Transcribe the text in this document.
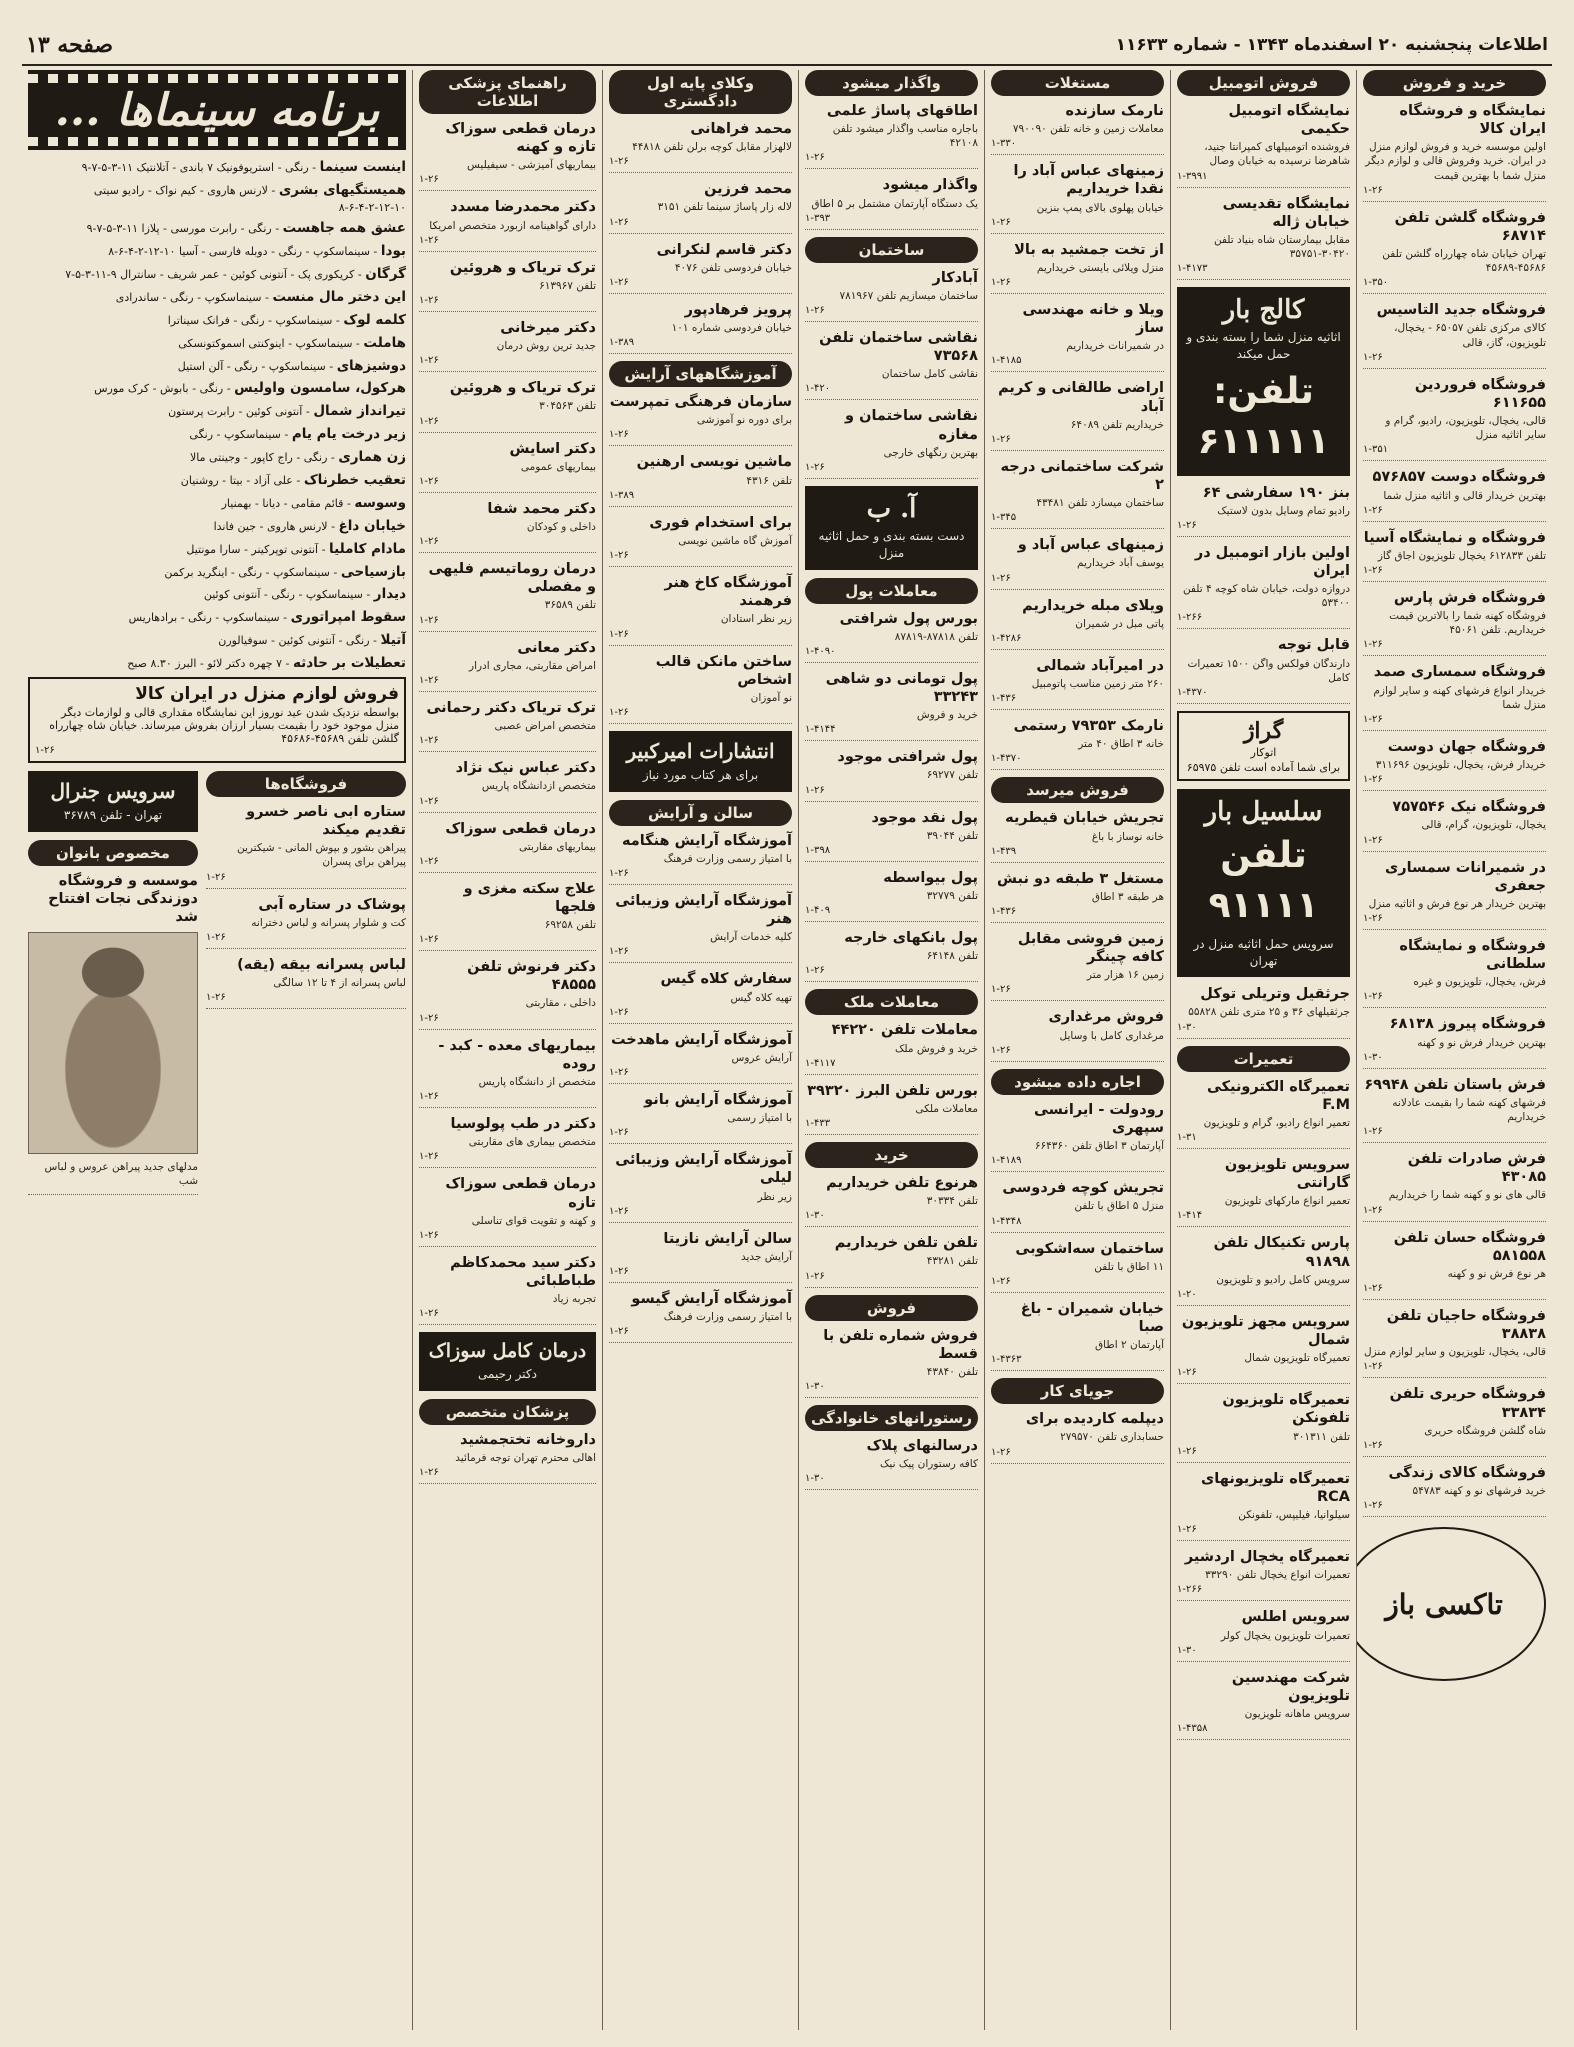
صفحه ۱۳	اطلاعات پنجشنبه ۲۰ اسفندماه ۱۳۴۳ - شماره ۱۱۶۳۳
خرید و فروش
نمایشگاه و فروشگاه ایران کالا

اولین موسسه خرید و فروش لوازم منزل در ایران. خرید وفروش قالی و لوازم دیگر منزل شما با بهترین قیمت

۱-۲۶
فروشگاه گلشن تلفن ۶۸۷۱۴

تهران خیابان شاه چهارراه گلشن تلفن ۴۵۶۸۶-۴۵۶۸۹

۱-۳۵۰
فروشگاه جدید التاسیس

کالای مرکزی تلفن ۶۵۰۵۷ - یخچال، تلویزیون، گاز، قالی

۱-۲۶
فروشگاه فروردین ۶۱۱۶۵۵

قالی، یخچال، تلویزیون، رادیو، گرام و سایر اثاثیه منزل

۱-۳۵۱
فروشگاه دوست ۵۷۶۸۵۷

بهترین خریدار قالی و اثاثیه منزل شما

۱-۲۶
فروشگاه و نمایشگاه آسیا

تلفن ۶۱۲۸۳۳ یخچال تلویزیون اجاق گاز

۱-۲۶
فروشگاه فرش پارس

فروشگاه کهنه شما را بالاترین قیمت خریداریم. تلفن ۴۵۰۶۱

۱-۲۶
فروشگاه سمساری صمد

خریدار انواع فرشهای کهنه و سایر لوازم منزل شما

۱-۲۶
فروشگاه جهان دوست

خریدار فرش، یخچال، تلویزیون ۳۱۱۶۹۶

۱-۲۶
فروشگاه نیک ۷۵۷۵۴۶

یخچال، تلویزیون، گرام، قالی

۱-۲۶
در شمیرانات سمساری جعفری

بهترین خریدار هر نوع فرش و اثاثیه منزل

۱-۲۶
فروشگاه و نمایشگاه سلطانی

فرش، یخچال، تلویزیون و غیره

۱-۲۶
فروشگاه پیروز ۶۸۱۳۸

بهترین خریدار فرش نو و کهنه

۱-۳۰
فرش باستان تلفن ۶۹۹۴۸

فرشهای کهنه شما را بقیمت عادلانه خریداریم

۱-۲۶
فرش صادرات تلفن ۴۳۰۸۵

قالی های نو و کهنه شما را خریداریم

۱-۲۶
فروشگاه حسان تلفن ۵۸۱۵۵۸

هر نوع فرش نو و کهنه

۱-۲۶
فروشگاه حاجیان تلفن ۳۸۸۳۸

قالی، یخچال، تلویزیون و سایر لوازم منزل

۱-۲۶
فروشگاه حریری تلفن ۳۳۸۳۴

شاه گلشن فروشگاه حریری

۱-۲۶
فروشگاه کالای زندگی

خرید فرشهای نو و کهنه ۵۴۷۸۳

۱-۲۶
تاکسی باز
فروش اتومبیل
نمایشگاه اتومبیل حکیمی

فروشنده اتومبیلهای کمپرانتا جنید، شاهرضا نرسیده به خیابان وصال

۱-۳۹۹۱
نمایشگاه تقدیسی خیابان ژاله

مقابل بیمارستان شاه بنیاد تلفن ۳۰۴۲۰-۳۵۷۵۱

۱-۴۱۷۳
کالج بار

اثاثیه منزل شما را بسته بندی و حمل میکند

تلفن: ۶۱۱۱۱۱

بنز ۱۹۰ سفارشی ۶۴

رادیو تمام وسایل بدون لاستیک

۱-۲۶
اولین بازار اتومبیل در ایران

دروازه دولت، خیابان شاه کوچه ۴ تلفن ۵۳۴۰۰

۱-۲۶۶
قابل توجه

دارندگان فولکس واگن ۱۵۰۰ تعمیرات کامل

۱-۴۳۷۰
گراژ

اتوکار

برای شما آماده است تلفن ۶۵۹۷۵

سلسیل بار

تلفن ۹۱۱۱۱

سرویس حمل اثاثیه منزل در تهران

جرثقیل وتریلی توکل

جرثقیلهای ۳۶ و ۲۵ متری تلفن ۵۵۸۲۸

۱-۳۰
تعمیرات
تعمیرگاه الکترونیکی F.M

تعمیر انواع رادیو، گرام و تلویزیون

۱-۳۱
سرویس تلویزیون گارانتی

تعمیر انواع مارکهای تلویزیون

۱-۴۱۴
پارس تکنیکال تلفن ۹۱۸۹۸

سرویس کامل رادیو و تلویزیون

۱-۲۰
سرویس مجهز تلویزیون شمال

تعمیرگاه تلویزیون شمال

۱-۲۶
تعمیرگاه تلویزیون تلفونکن

تلفن ۳۰۱۳۱۱

۱-۲۶
تعمیرگاه تلویزیونهای RCA

سیلوانیا، فیلیپس، تلفونکن

۱-۲۶
تعمیرگاه یخچال اردشیر

تعمیرات انواع یخچال تلفن ۳۳۲۹۰

۱-۲۶۶
سرویس اطلس

تعمیرات تلویزیون یخچال کولر

۱-۳۰
شرکت مهندسین تلویزیون

سرویس ماهانه تلویزیون

۱-۴۳۵۸
مستغلات
نارمک سازنده

معاملات زمین و خانه تلفن ۷۹۰۰۹۰

۱-۳۳۰
زمینهای عباس آباد را نقدا خریداریم

خیابان پهلوی بالای پمپ بنزین

۱-۲۶
از تخت جمشید به بالا

منزل ویلائی بایستی خریداریم

۱-۲۶
ویلا و خانه مهندسی ساز

در شمیرانات خریداریم

۱-۴۱۸۵
اراضی طالقانی و کریم آباد

خریداریم تلفن ۶۴۰۸۹

۱-۲۶
شرکت ساختمانی درجه ۲

ساختمان میسازد تلفن ۴۳۴۸۱

۱-۳۴۵
زمینهای عباس آباد و

یوسف آباد خریداریم

۱-۲۶
ویلای مبله خریداریم

پاتی مبل در شمیران

۱-۴۲۸۶
در امیرآباد شمالی

۲۶۰ متر زمین مناسب پاتومبیل

۱-۴۳۶
نارمک ۷۹۳۵۳ رستمی

خانه ۳ اطاق ۴۰ متر

۱-۴۳۷۰
فروش میرسد
تجریش خیابان قیطریه

خانه نوساز با باغ

۱-۴۳۹
مستغل ۳ طبقه دو نبش

هر طبقه ۳ اطاق

۱-۴۳۶
زمین فروشی مقابل کافه چینگر

زمین ۱۶ هزار متر

۱-۲۶
فروش مرغداری

مرغداری کامل با وسایل

۱-۲۶
اجاره داده میشود
رودولت - ایرانسی سپهری

آپارتمان ۳ اطاق تلفن ۶۶۴۳۶۰

۱-۴۱۸۹
تجریش کوچه فردوسی

منزل ۵ اطاق با تلفن

۱-۴۳۴۸
ساختمان سه‌اشکوبی

۱۱ اطاق با تلفن

۱-۲۶
خیابان شمیران - باغ صبا

آپارتمان ۲ اطاق

۱-۴۳۶۳
جویای کار
دیپلمه کاردیده برای

حسابداری تلفن ۲۷۹۵۷۰

۱-۲۶
واگذار میشود
اطاقهای پاساژ علمی

باجاره مناسب واگذار میشود تلفن ۴۲۱۰۸

۱-۲۶
واگذار میشود

یک دستگاه آپارتمان مشتمل بر ۵ اطاق

۱-۳۹۳
ساختمان
آبادکار

ساختمان میسازیم تلفن ۷۸۱۹۶۷

۱-۲۶
نقاشی ساختمان تلفن ۷۳۵۶۸

نقاشی کامل ساختمان

۱-۴۲۰
نقاشی ساختمان و مغازه

بهترین رنگهای خارجی

۱-۲۶
آ. ب

دست بسته بندی و حمل اثاثیه منزل

معاملات پول
بورس پول شرافتی

تلفن ۸۷۸۱۸-۸۷۸۱۹

۱-۴۰۹۰
پول تومانی دو شاهی ۳۳۲۴۳

خرید و فروش

۱-۴۱۴۴
پول شرافتی موجود

تلفن ۶۹۲۷۷

۱-۲۶
پول نقد موجود

تلفن ۳۹۰۴۴

۱-۳۹۸
پول بیواسطه

تلفن ۳۲۷۷۹

۱-۴۰۹
پول بانکهای خارجه

تلفن ۶۴۱۴۸

۱-۲۶
معاملات ملک
معاملات تلفن ۴۴۲۲۰

خرید و فروش ملک

۱-۴۱۱۷
بورس تلفن البرز ۳۹۳۲۰

معاملات ملکی

۱-۴۳۳
خرید
هرنوع تلفن خریداریم

تلفن ۳۰۳۳۴

۱-۳۰
تلفن تلفن خریداریم

تلفن ۴۳۲۸۱

۱-۲۶
فروش
فروش شماره تلفن با قسط

تلفن ۴۳۸۴۰

۱-۳۰
رستورانهای خانوادگی
درسالنهای پلاک

کافه رستوران پیک نیک

۱-۳۰
وکلای پایه اول دادگستری
محمد فراهانی

لالهزار مقابل کوچه برلن تلفن ۴۴۸۱۸

۱-۲۶
محمد فرزین

لاله زار پاساژ سینما تلفن ۳۱۵۱

۱-۲۶
دکتر قاسم لنکرانی

خیابان فردوسی تلفن ۴۰۷۶

۱-۲۶
پرویز فرهادپور

خیابان فردوسی شماره ۱۰۱

۱-۳۸۹
آموزشگاههای آرایش
سازمان فرهنگی تمپرست

برای دوره نو آموزشی

۱-۲۶
ماشین نویسی ارهنین

تلفن ۴۳۱۶

۱-۳۸۹
برای استخدام فوری

آموزش گاه ماشین نویسی

۱-۲۶
آموزشگاه کاخ هنر فرهمند

زیر نظر استادان

۱-۲۶
ساختن مانکن قالب اشخاص

نو آموزان

۱-۲۶
انتشارات امیرکبیر

برای هر کتاب مورد نیاز

سالن و آرایش
آموزشگاه آرایش هنگامه

با امتیاز رسمی وزارت فرهنگ

۱-۲۶
آموزشگاه آرایش وزیبائی هنر

کلیه خدمات آرایش

۱-۲۶
سفارش کلاه گیس

تهیه کلاه گیس

۱-۲۶
آموزشگاه آرایش ماهدخت

آرایش عروس

۱-۲۶
آموزشگاه آرایش بانو

با امتیاز رسمی

۱-۲۶
آموزشگاه آرایش وزیبائی لیلی

زیر نظر

۱-۲۶
سالن آرایش نازیتا

آرایش جدید

۱-۲۶
آموزشگاه آرایش گیسو

با امتیاز رسمی وزارت فرهنگ

۱-۲۶
راهنمای پزشکی اطلاعات
درمان قطعی سوزاک تازه و کهنه

بیماریهای آمیزشی - سیفیلیس

۱-۲۶
دکتر محمدرضا مسدد

دارای گواهینامه ازبورد متخصص امریکا

۱-۲۶
ترک تریاک و هروئین

تلفن ۶۱۳۹۶۷

۱-۲۶
دکتر میرخانی

جدید ترین روش درمان

۱-۲۶
ترک تریاک و هروئین

تلفن ۳۰۴۵۶۳

۱-۲۶
دکتر اسایش

بیماریهای عمومی

۱-۲۶
دکتر محمد شفا

داخلی و کودکان

۱-۲۶
درمان روماتیسم فلیهی و مفصلی

تلفن ۳۶۵۸۹

۱-۲۶
دکتر معانی

امراض مقاربتی، مجاری ادرار

۱-۲۶
ترک تریاک دکتر رحمانی

متخصص امراض عصبی

۱-۲۶
دکتر عباس نیک نژاد

متخصص ازدانشگاه پاریس

۱-۲۶
درمان قطعی سوزاک

بیماریهای مقاربتی

۱-۲۶
علاج سکته مغزی و فلجها

تلفن ۶۹۲۵۸

۱-۲۶
دکتر فرنوش تلفن ۴۸۵۵۵

داخلی ، مقاربتی

۱-۲۶
بیماریهای معده - کبد - روده

متخصص از دانشگاه پاریس

۱-۲۶
دکتر در طب پولوسیا

متخصص بیماری های مقاربتی

۱-۲۶
درمان قطعی سوزاک تازه

و کهنه و تقویت قوای تناسلی

۱-۲۶
دکتر سید محمدکاظم طباطبائی

تجربه زیاد

۱-۲۶
درمان کامل سوزاک

دکتر رحیمی

پزشکان متخصص
داروخانه تختجمشید

اهالی محترم تهران توجه فرمائید

۱-۲۶
برنامه سینماها ...
اینست سینما - رنگی - استریوفونیک ۷ باندی - آتلانتیک ۱۱-۳-۵-۷-۹
همیستگیهای بشری - لارنس هاروی - کیم نواک - رادیو سیتی ۱۰-۱۲-۲-۴-۶-۸
عشق همه جاهست - رنگی - رابرت مورسی - پلازا ۱۱-۳-۵-۷-۹
بودا - سینماسکوپ - رنگی - دوبله فارسی - آسیا ۱۰-۱۲-۲-۴-۶-۸
گرگان - کریکوری پک - آنتونی کوئین - عمر شریف - سانترال ۹-۱۱-۳-۵-۷
این دختر مال منست - سینماسکوپ - رنگی - ساندرادی
کلمه لوک - سینماسکوپ - رنگی - فرانک سیناترا
هاملت - سینماسکوپ - اینوکنتی اسموکتونسکی
دوشیزهای - سینماسکوپ - رنگی - آلن استیل
هرکول، سامسون واولیس - رنگی - بابوش - کرک مورس
تیرانداز شمال - آنتونی کوئین - رابرت پرستون
زیر درخت یام یام - سینماسکوپ - رنگی
زن هماری - رنگی - راج کاپور - وجینتی مالا
تعقیب خطرناک - علی آزاد - بیتا - روشنیان
وسوسه - قائم مقامی - دیانا - بهمنیار
خیابان داغ - لارنس هاروی - جین فاندا
مادام کاملیا - آنتونی توپرکینر - سارا مونتیل
بازسیاحی - سینماسکوپ - رنگی - اینگرید برکمن
دیدار - سینماسکوپ - رنگی - آنتونی کوئین
سقوط امپراتوری - سینماسکوپ - رنگی - برادهاریس
آتیلا - رنگی - آنتونی کوئین - سوفیالورن
تعطیلات بر حادثه - ۷ چهره دکتر لائو - البرز ۸.۳۰ صبح
فروش لوازم منزل در ایران کالا

بواسطه نزدیک شدن عید نوروز این نمایشگاه مقداری قالی و لوازمات دیگر منزل موجود خود را بقیمت بسیار ارزان بفروش میرساند. خیابان شاه چهارراه گلشن تلفن ۴۵۶۸۹-۴۵۶۸۶

۱-۲۶
فروشگاه‌ها
ستاره ابی ناصر خسرو تقدیم میکند

پیراهن بشور و بپوش المانی - شیکترین پیراهن برای پسران

۱-۲۶
پوشاک در ستاره آبی

کت و شلوار پسرانه و لباس دخترانه

۱-۲۶
لباس پسرانه بیقه (یقه)

لباس پسرانه از ۴ تا ۱۲ سالگی

۱-۲۶
سرویس جنرال

تهران - تلفن ۳۶۷۸۹

مخصوص بانوان
موسسه و فروشگاه دوزندگی نجات افتتاح شد

مدلهای جدید پیراهن عروس و لباس شب
